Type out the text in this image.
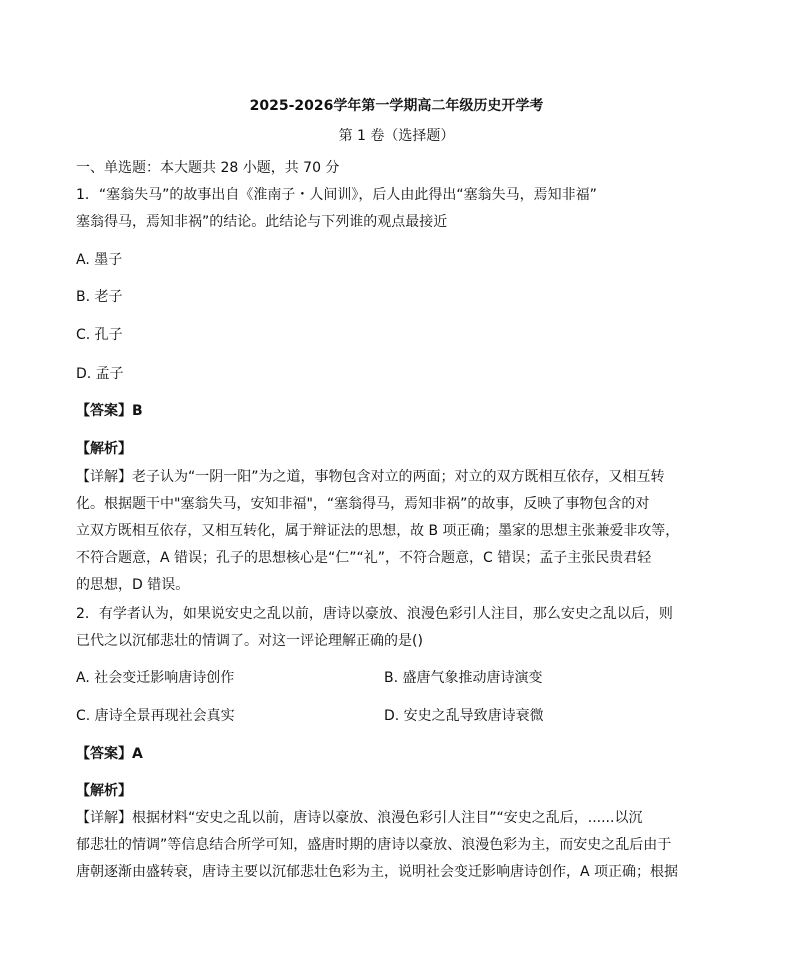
2025-2026学年第一学期高二年级历史开学考
第 1 卷（选择题）
一、单选题：本大题共 28 小题，共 70 分
1．“塞翁失马”的故事出自《淮南子・人间训》，后人由此得出“塞翁失马，焉知非福”
塞翁得马，焉知非祸”的结论。此结论与下列谁的观点最接近
A. 墨子
B. 老子
C. 孔子
D. 孟子
【答案】B
【解析】
【详解】老子认为“一阴一阳”为之道，事物包含对立的两面；对立的双方既相互依存，又相互转
化。根据题干中"塞翁失马，安知非福"，“塞翁得马，焉知非祸”的故事，反映了事物包含的对
立双方既相互依存，又相互转化，属于辩证法的思想，故 B 项正确；墨家的思想主张兼爱非攻等，
不符合题意，A 错误；孔子的思想核心是“仁”“礼”，不符合题意，C 错误；孟子主张民贵君轻
的思想，D 错误。
2．有学者认为，如果说安史之乱以前，唐诗以豪放、浪漫色彩引人注目，那么安史之乱以后，则
已代之以沉郁悲壮的情调了。对这一评论理解正确的是()
A. 社会变迁影响唐诗创作	B. 盛唐气象推动唐诗演变
C. 唐诗全景再现社会真实	D. 安史之乱导致唐诗衰微
【答案】A
【解析】
【详解】根据材料“安史之乱以前，唐诗以豪放、浪漫色彩引人注目”“安史之乱后，......以沉
郁悲壮的情调”等信息结合所学可知，盛唐时期的唐诗以豪放、浪漫色彩为主，而安史之乱后由于
唐朝逐渐由盛转衰，唐诗主要以沉郁悲壮色彩为主，说明社会变迁影响唐诗创作，A 项正确；根据
